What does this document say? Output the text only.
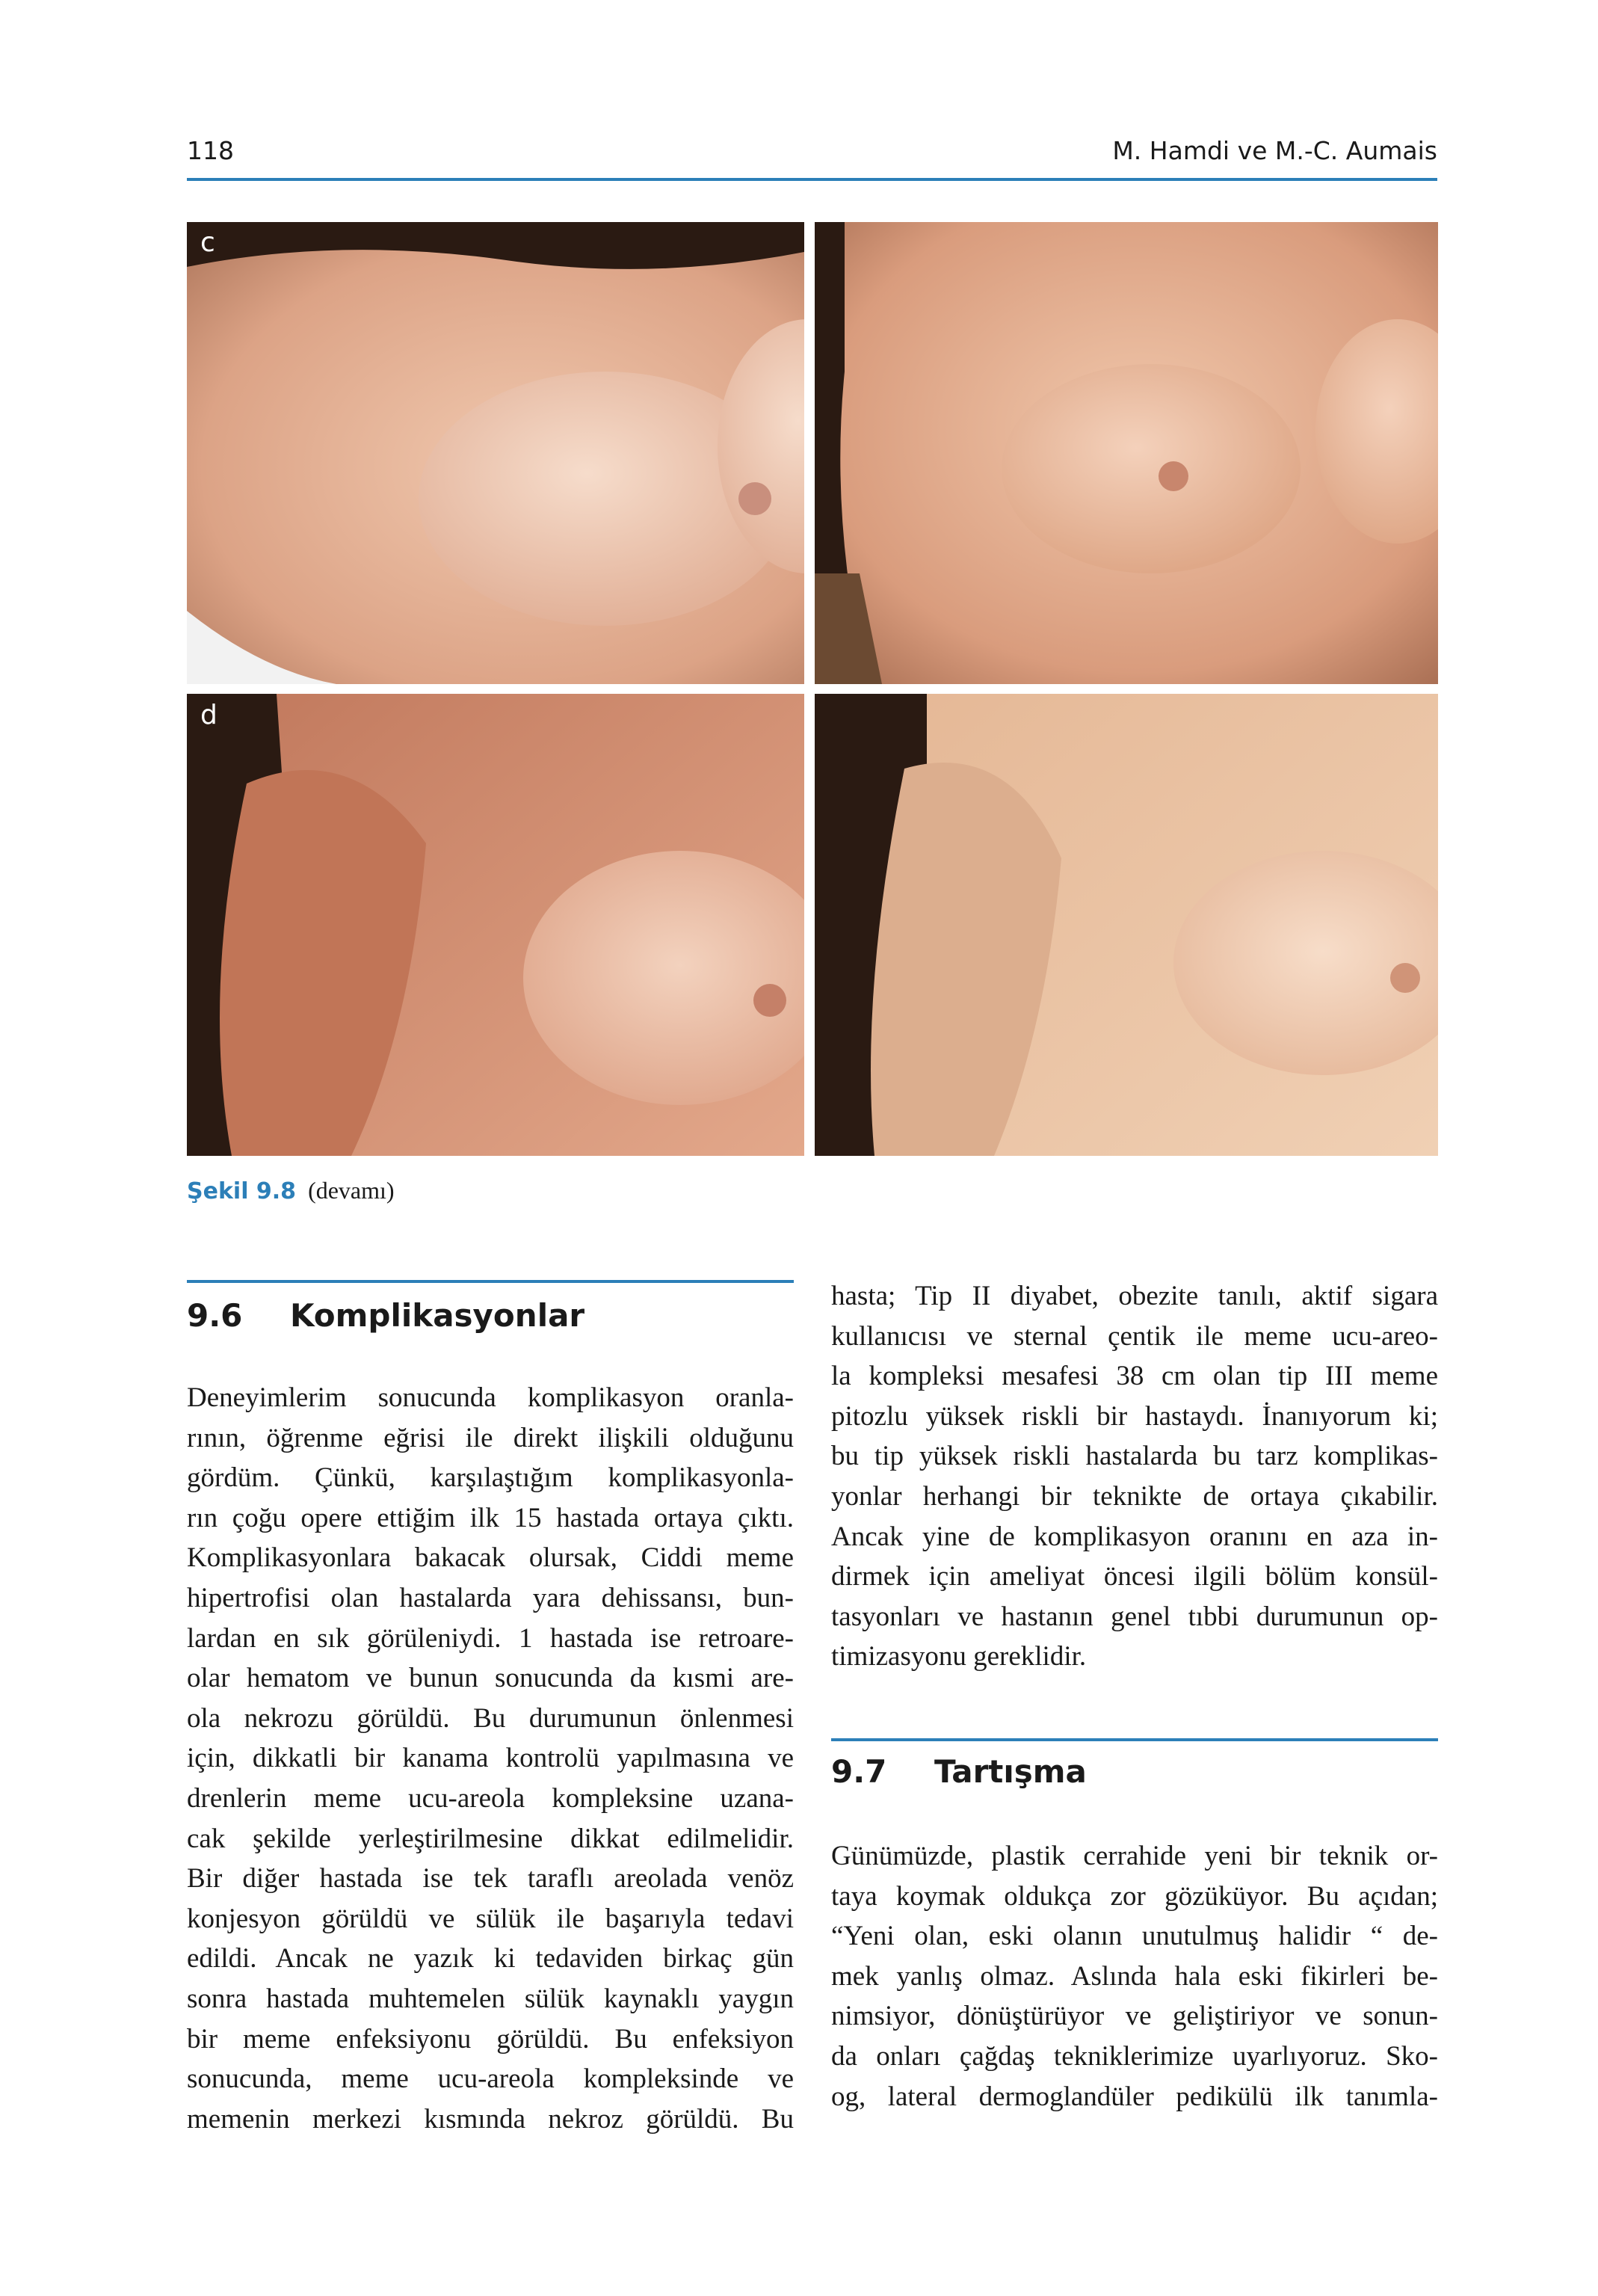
118	M. Hamdi ve M.-C. Aumais
c
d
Şekil 9.8 (devamı)
9.6 Komplikasyonlar
Deneyimlerim sonucunda komplikasyon oranla-
rının, öğrenme eğrisi ile direkt ilişkili olduğunu
gördüm. Çünkü, karşılaştığım komplikasyonla-
rın çoğu opere ettiğim ilk 15 hastada ortaya çıktı.
Komplikasyonlara bakacak olursak, Ciddi meme
hipertrofisi olan hastalarda yara dehissansı, bun-
lardan en sık görüleniydi. 1 hastada ise retroare-
olar hematom ve bunun sonucunda da kısmi are-
ola nekrozu görüldü. Bu durumunun önlenmesi
için, dikkatli bir kanama kontrolü yapılmasına ve
drenlerin meme ucu-areola kompleksine uzana-
cak şekilde yerleştirilmesine dikkat edilmelidir.
Bir diğer hastada ise tek taraflı areolada venöz
konjesyon görüldü ve sülük ile başarıyla tedavi
edildi. Ancak ne yazık ki tedaviden birkaç gün
sonra hastada muhtemelen sülük kaynaklı yaygın
bir meme enfeksiyonu görüldü. Bu enfeksiyon
sonucunda, meme ucu-areola kompleksinde ve
memenin merkezi kısmında nekroz görüldü. Bu
hasta; Tip II diyabet, obezite tanılı, aktif sigara
kullanıcısı ve sternal çentik ile meme ucu-areo-
la kompleksi mesafesi 38 cm olan tip III meme
pitozlu yüksek riskli bir hastaydı. İnanıyorum ki;
bu tip yüksek riskli hastalarda bu tarz komplikas-
yonlar herhangi bir teknikte de ortaya çıkabilir.
Ancak yine de komplikasyon oranını en aza in-
dirmek için ameliyat öncesi ilgili bölüm konsül-
tasyonları ve hastanın genel tıbbi durumunun op-
timizasyonu gereklidir.
9.7 Tartışma
Günümüzde, plastik cerrahide yeni bir teknik or-
taya koymak oldukça zor gözüküyor. Bu açıdan;
“Yeni olan, eski olanın unutulmuş halidir “ de-
mek yanlış olmaz. Aslında hala eski fikirleri be-
nimsiyor, dönüştürüyor ve geliştiriyor ve sonun-
da onları çağdaş tekniklerimize uyarlıyoruz. Sko-
og, lateral dermoglandüler pedikülü ilk tanımla-
